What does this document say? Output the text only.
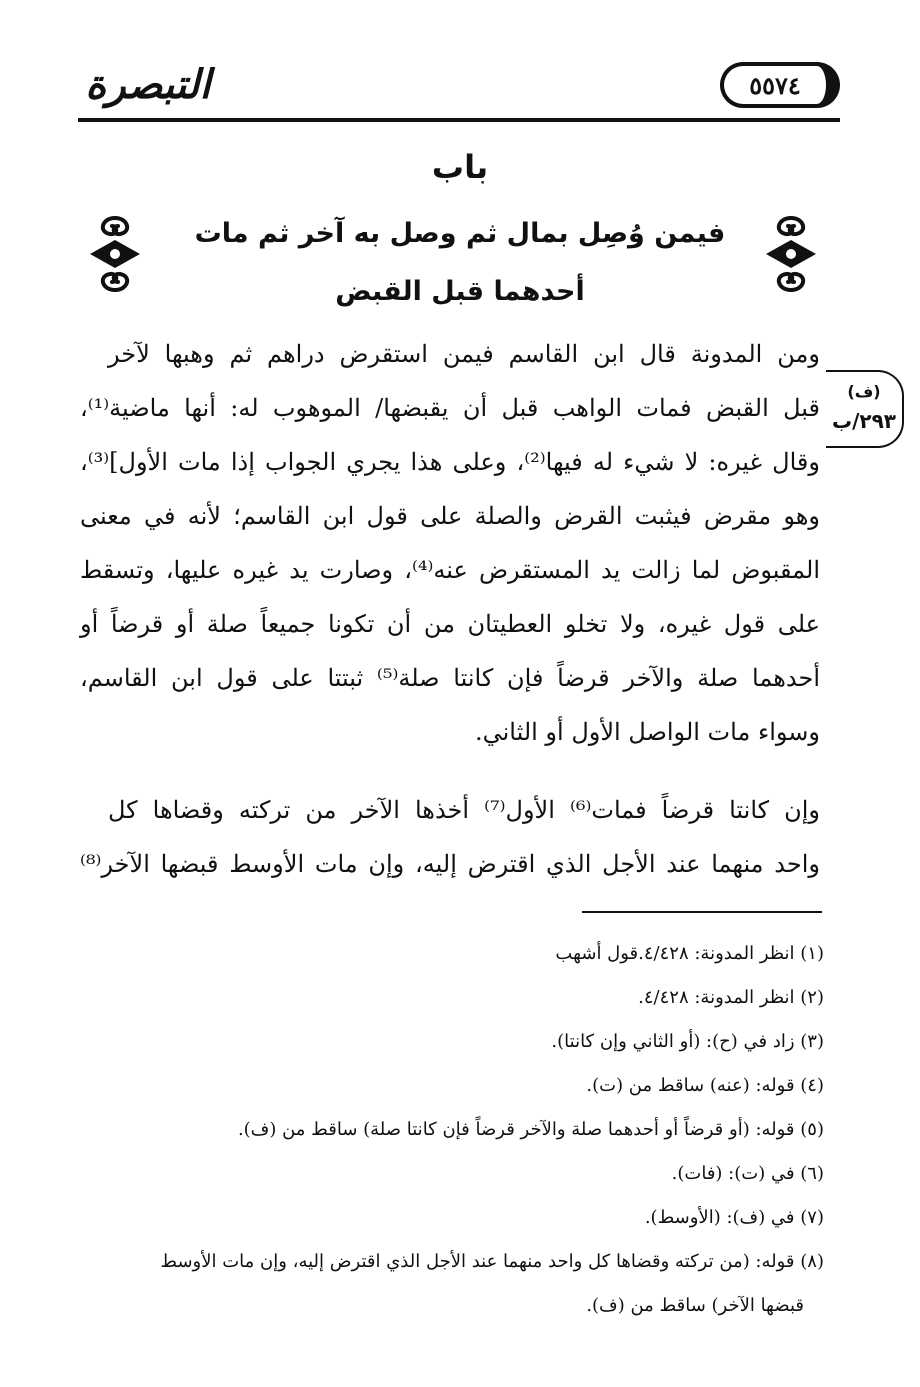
التبصرة	٥٥٧٤
باب
فيمن وُصِل بمال ثم وصل به آخر ثم مات
أحدهما قبل القبض
(ف)
٢٩٣/ب
ومن المدونة قال ابن القاسم فيمن استقرض دراهم ثم وهبها لآخر
قبل القبض فمات الواهب قبل أن يقبضها/ الموهوب له: أنها ماضية⁽¹⁾،
وقال غيره: لا شيء له فيها⁽²⁾، وعلى هذا يجري الجواب إذا مات الأول]⁽³⁾،
وهو مقرض فيثبت القرض والصلة على قول ابن القاسم؛ لأنه في معنى
المقبوض لما زالت يد المستقرض عنه⁽⁴⁾، وصارت يد غيره عليها، وتسقط
على قول غيره، ولا تخلو العطيتان من أن تكونا جميعاً صلة أو قرضاً أو
أحدهما صلة والآخر قرضاً فإن كانتا صلة⁽⁵⁾ ثبتتا على قول ابن القاسم،
وسواء مات الواصل الأول أو الثاني.
وإن كانتا قرضاً فمات⁽⁶⁾ الأول⁽⁷⁾ أخذها الآخر من تركته وقضاها كل
واحد منهما عند الأجل الذي اقترض إليه، وإن مات الأوسط قبضها الآخر⁽⁸⁾
(١) انظر المدونة: ٤/٤٢٨.قول أشهب
(٢) انظر المدونة: ٤/٤٢٨.
(٣) زاد في (ح): (أو الثاني وإن كانتا).
(٤) قوله: (عنه) ساقط من (ت).
(٥) قوله: (أو قرضاً أو أحدهما صلة والآخر قرضاً فإن كانتا صلة) ساقط من (ف).
(٦) في (ت): (فات).
(٧) في (ف): (الأوسط).
(٨) قوله: (من تركته وقضاها كل واحد منهما عند الأجل الذي اقترض إليه، وإن مات الأوسط
قبضها الآخر) ساقط من (ف).
